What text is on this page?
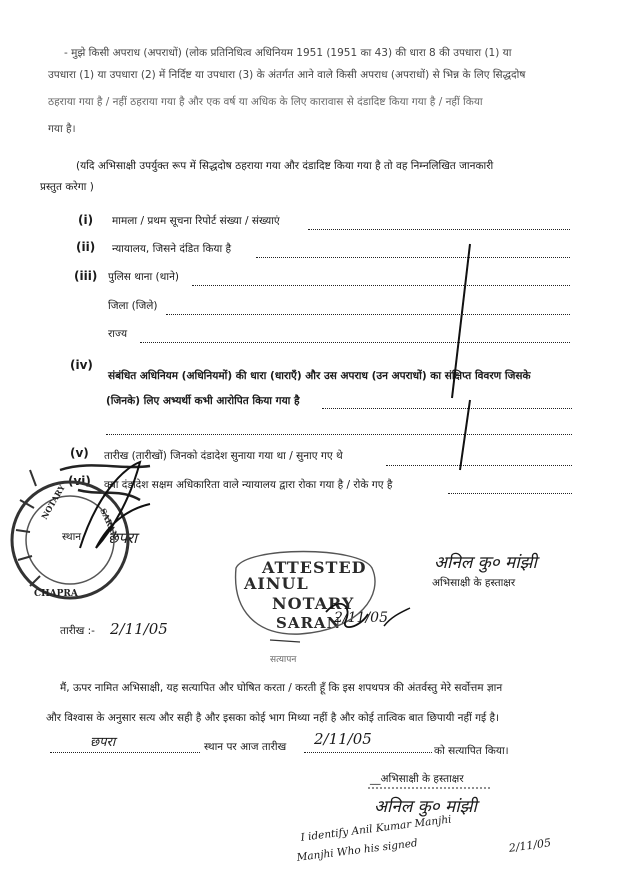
- मुझे किसी अपराध (अपराधों) (लोक प्रतिनिधित्व अधिनियम 1951 (1951 का 43) की धारा 8 की उपधारा (1) या
उपधारा (1) या उपधारा (2) में निर्दिष्ट या उपधारा (3) के अंतर्गत आने वाले किसी अपराध (अपराधों) से भिन्न के लिए सिद्धदोष
ठहराया गया है / नहीं ठहराया गया है और एक वर्ष या अधिक के लिए कारावास से दंडादिष्ट किया गया है / नहीं किया
गया है।
(यदि अभिसाक्षी उपर्युक्त रूप में सिद्धदोष ठहराया गया और दंडादिष्ट किया गया है तो वह निम्नलिखित जानकारी
प्रस्तुत करेगा )
(i) मामला / प्रथम सूचना रिपोर्ट संख्या / संख्याएं
(ii) न्यायालय, जिसने दंडित किया है
(iii) पुलिस थाना (थाने)
जिला (जिले)
राज्य
(iv)
संबंधित अधिनियम (अधिनियमों) की धारा (धाराएँ) और उस अपराध (उन अपराधों) का संक्षिप्त विवरण जिसके
(जिनके) लिए अभ्यर्थी कभी आरोपित किया गया है
(v) तारीख (तारीखों) जिनको दंडादेश सुनाया गया था / सुनाए गए थे
(vi) क्या दंडादेश सक्षम अधिकारिता वाले न्यायालय द्वारा रोका गया है / रोके गए है
स्थान छपरा
तारीख :- 2/11/05
अनिल कु० मांझी
अभिसाक्षी के हस्ताक्षर
ATTESTED
AINUL
NOTARY
SARAN
2/11/05
सत्यापन
मैं, ऊपर नामित अभिसाक्षी, यह सत्यापित और घोषित करता / करती हूँ कि इस शपथपत्र की अंतर्वस्तु मेरे सर्वोत्तम ज्ञान
और विश्वास के अनुसार सत्य और सही है और इसका कोई भाग मिथ्या नहीं है और कोई तात्विक बात छिपायी नहीं गई है।
छपरा	स्थान पर आज तारीख 2/11/05
को सत्यापित किया।
__अभिसाक्षी के हस्ताक्षर
अनिल कु० मांझी
I identify Anil Kumar Manjhi
Manjhi Who his signed	2/11/05
CHAPRA
NOTARY
SARAN
